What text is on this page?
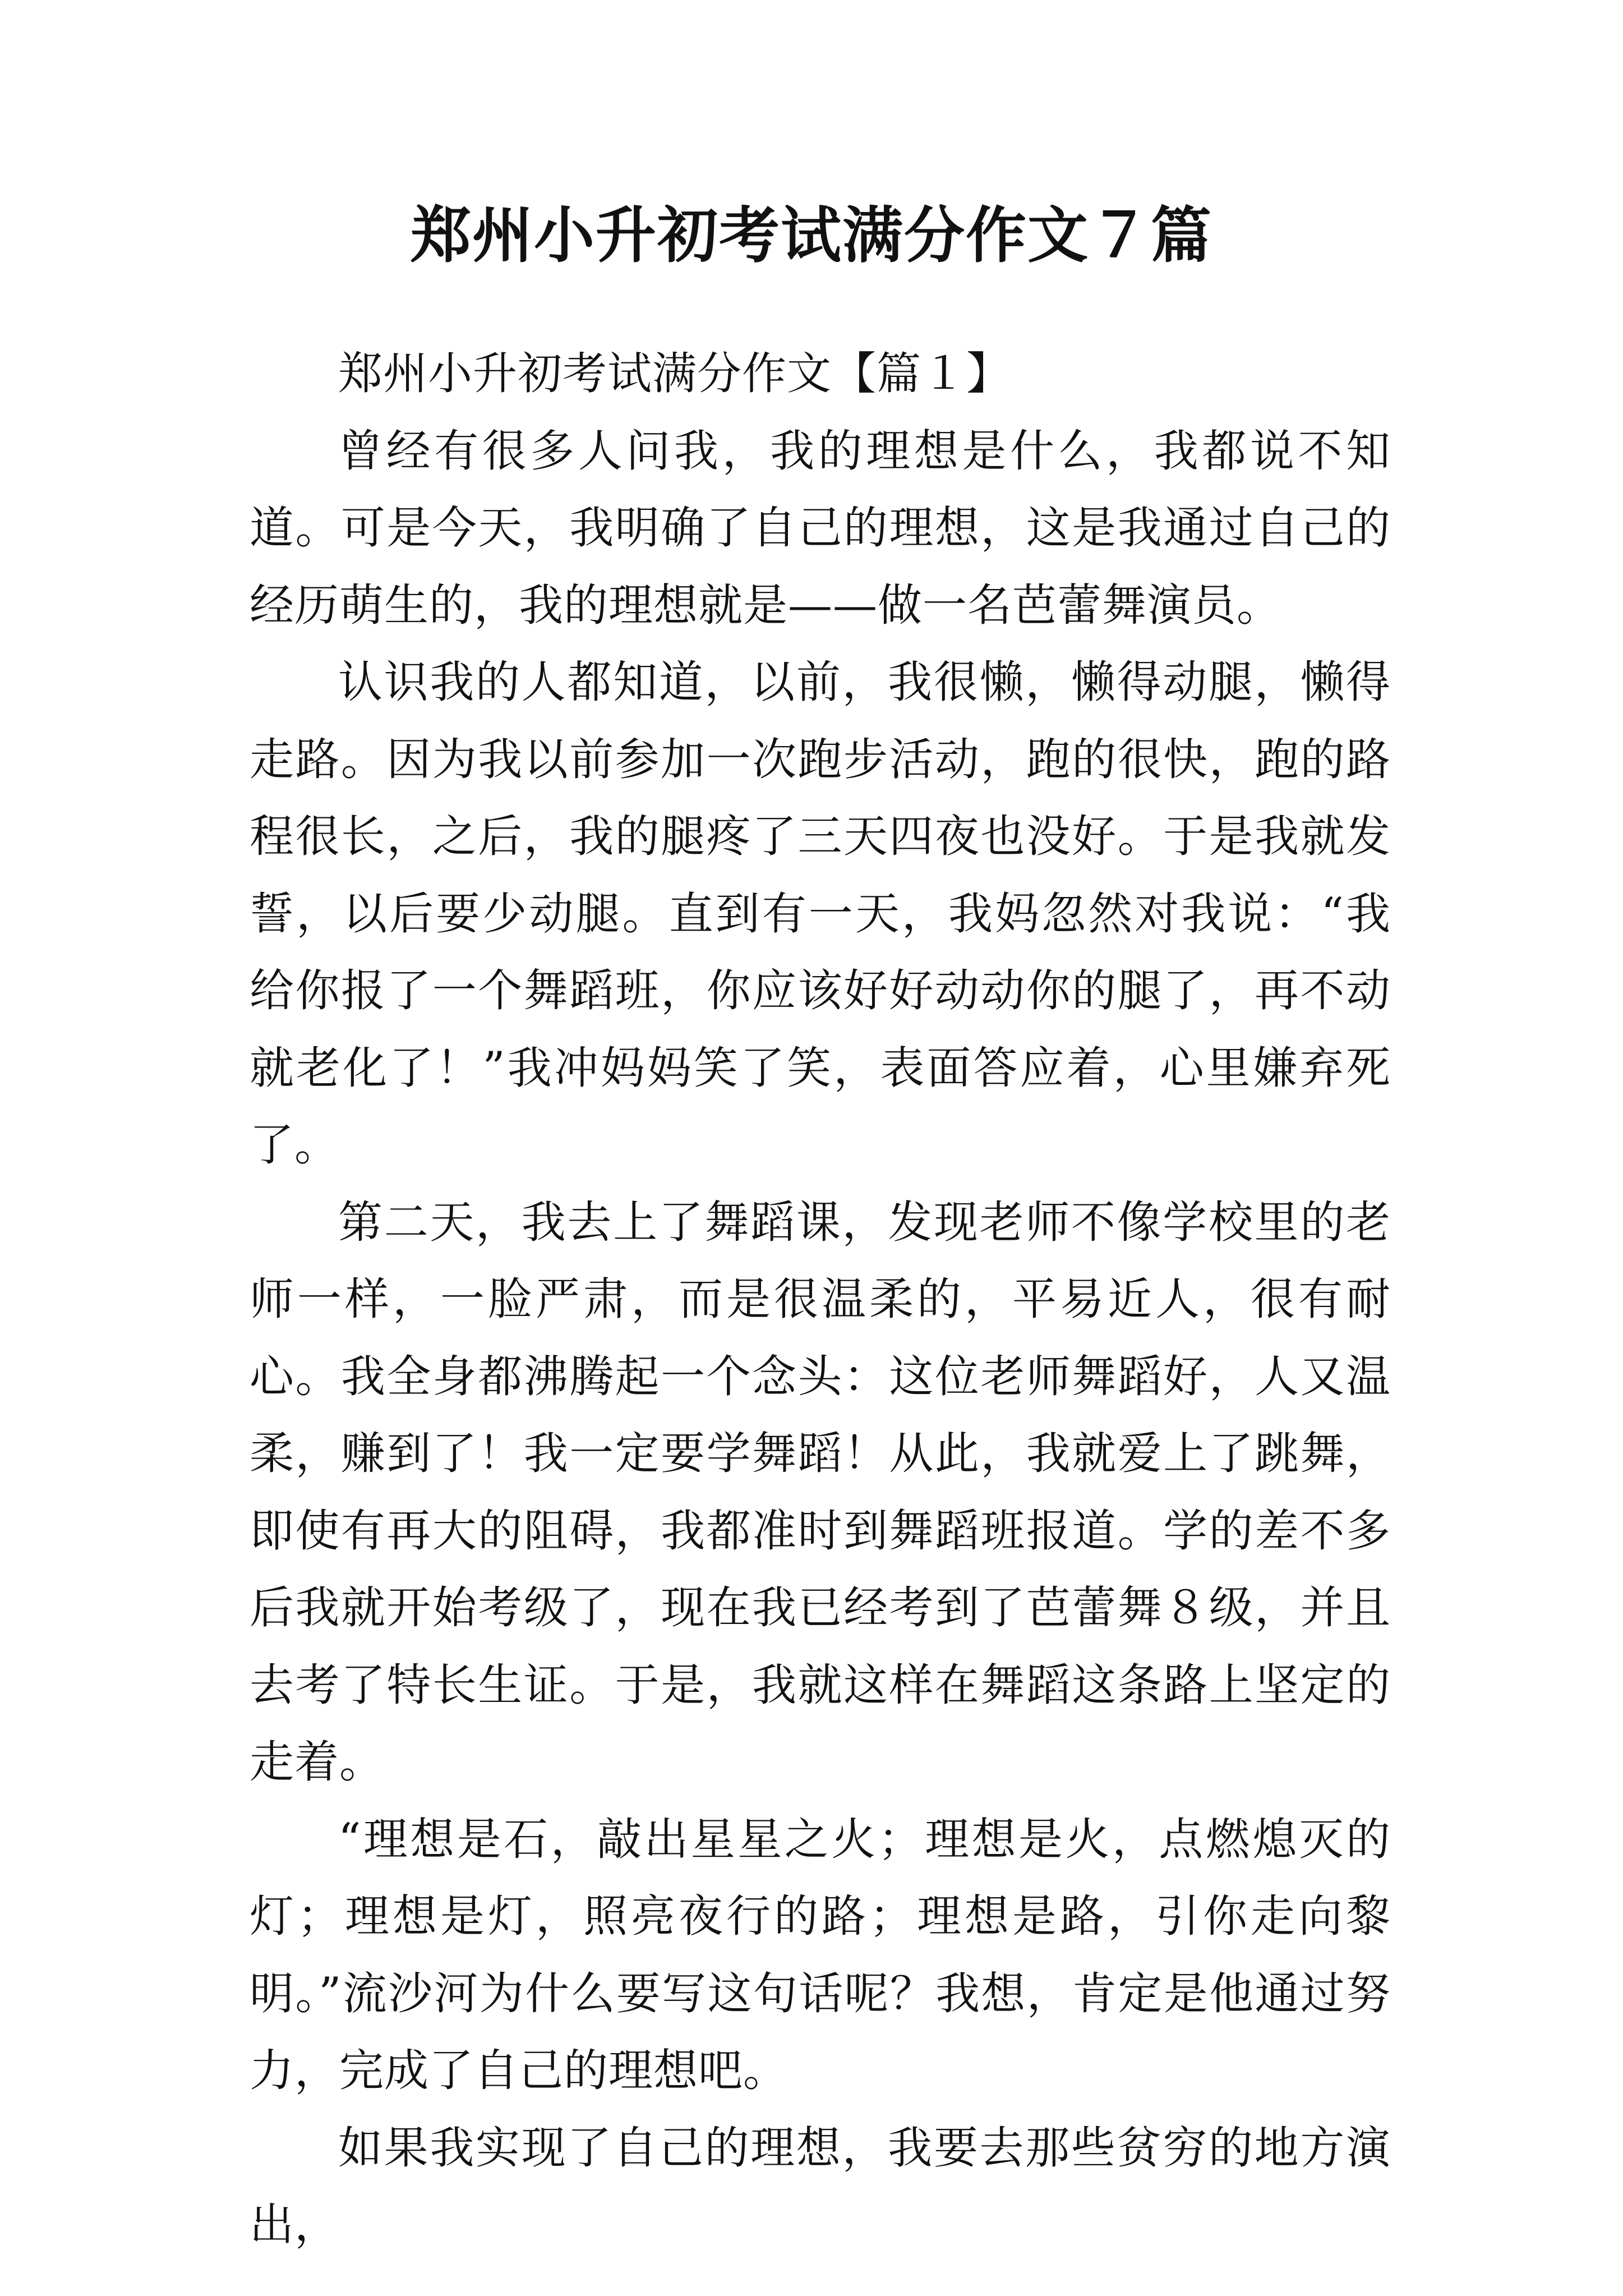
郑州小升初考试满分作文７篇

郑州小升初考试满分作文【篇１】

曾经有很多人问我，我的理想是什么，我都说不知道。可是今天，我明确了自己的理想，这是我通过自己的经历萌生的，我的理想就是——做一名芭蕾舞演员。

认识我的人都知道，以前，我很懒，懒得动腿，懒得走路。因为我以前参加一次跑步活动，跑的很快，跑的路程很长，之后，我的腿疼了三天四夜也没好。于是我就发誓，以后要少动腿。直到有一天，我妈忽然对我说：“我给你报了一个舞蹈班，你应该好好动动你的腿了，再不动就老化了！”我冲妈妈笑了笑，表面答应着，心里嫌弃死了。

第二天，我去上了舞蹈课，发现老师不像学校里的老师一样，一脸严肃，而是很温柔的，平易近人，很有耐心。我全身都沸腾起一个念头：这位老师舞蹈好，人又温柔，赚到了！我一定要学舞蹈！从此，我就爱上了跳舞，即使有再大的阻碍，我都准时到舞蹈班报道。学的差不多后我就开始考级了，现在我已经考到了芭蕾舞８级，并且去考了特长生证。于是，我就这样在舞蹈这条路上坚定的走着。

“理想是石，敲出星星之火；理想是火，点燃熄灭的灯；理想是灯，照亮夜行的路；理想是路，引你走向黎明。”流沙河为什么要写这句话呢？我想，肯定是他通过努力，完成了自己的理想吧。

如果我实现了自己的理想，我要去那些贫穷的地方演出，
